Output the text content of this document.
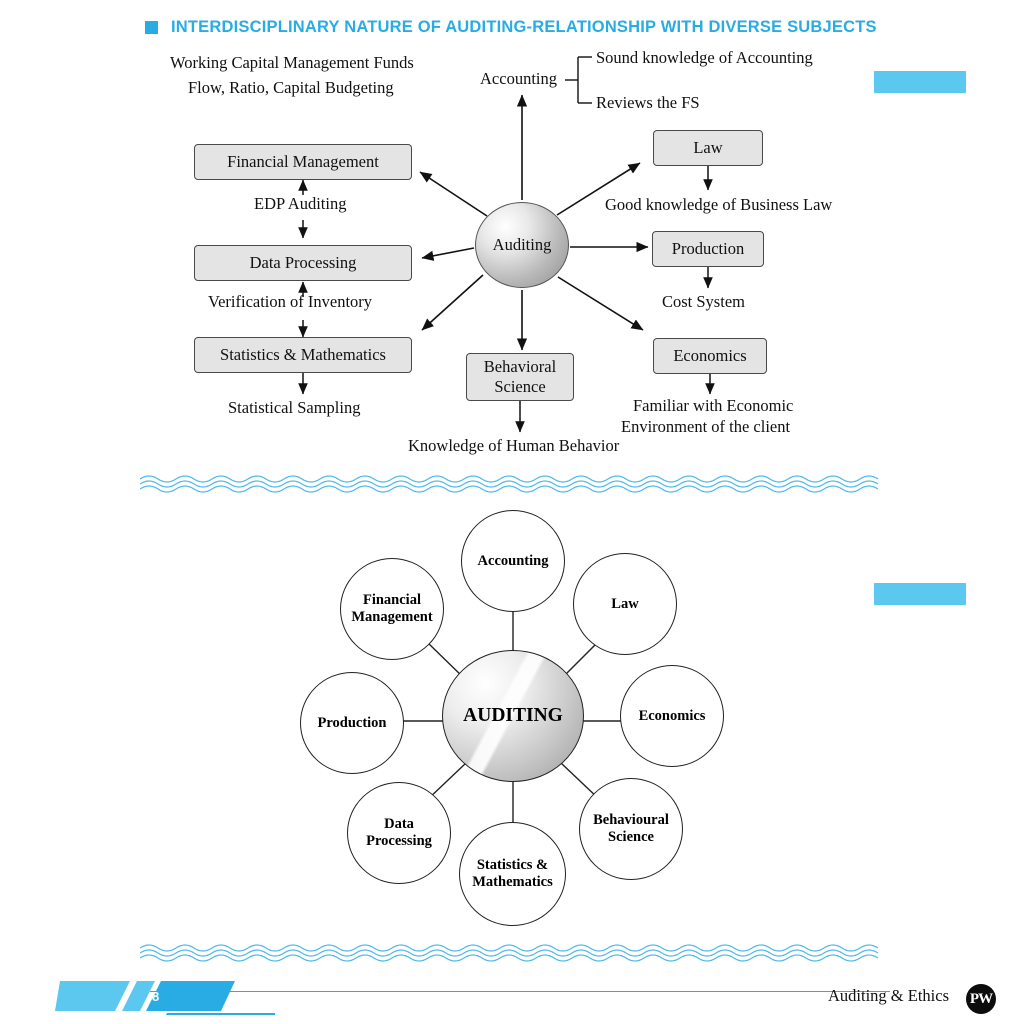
INTERDISCIPLINARY NATURE OF AUDITING-RELATIONSHIP WITH DIVERSE SUBJECTS
Auditing
Financial Management
Data Processing
Statistics & Mathematics
Behavioral
Science
Law
Production
Economics
Accounting
Sound knowledge of Accounting
Reviews the FS
Working Capital Management Funds
Flow, Ratio, Capital Budgeting
EDP Auditing
Verification of Inventory
Statistical Sampling
Knowledge of Human Behavior
Good knowledge of Business Law
Cost System
Familiar with Economic
Environment of the client
AUDITING
Accounting
Law
Economics
Behavioural
Science
Statistics &
Mathematics
Data
Processing
Production
Financial
Management
8	Auditing & Ethics PW
